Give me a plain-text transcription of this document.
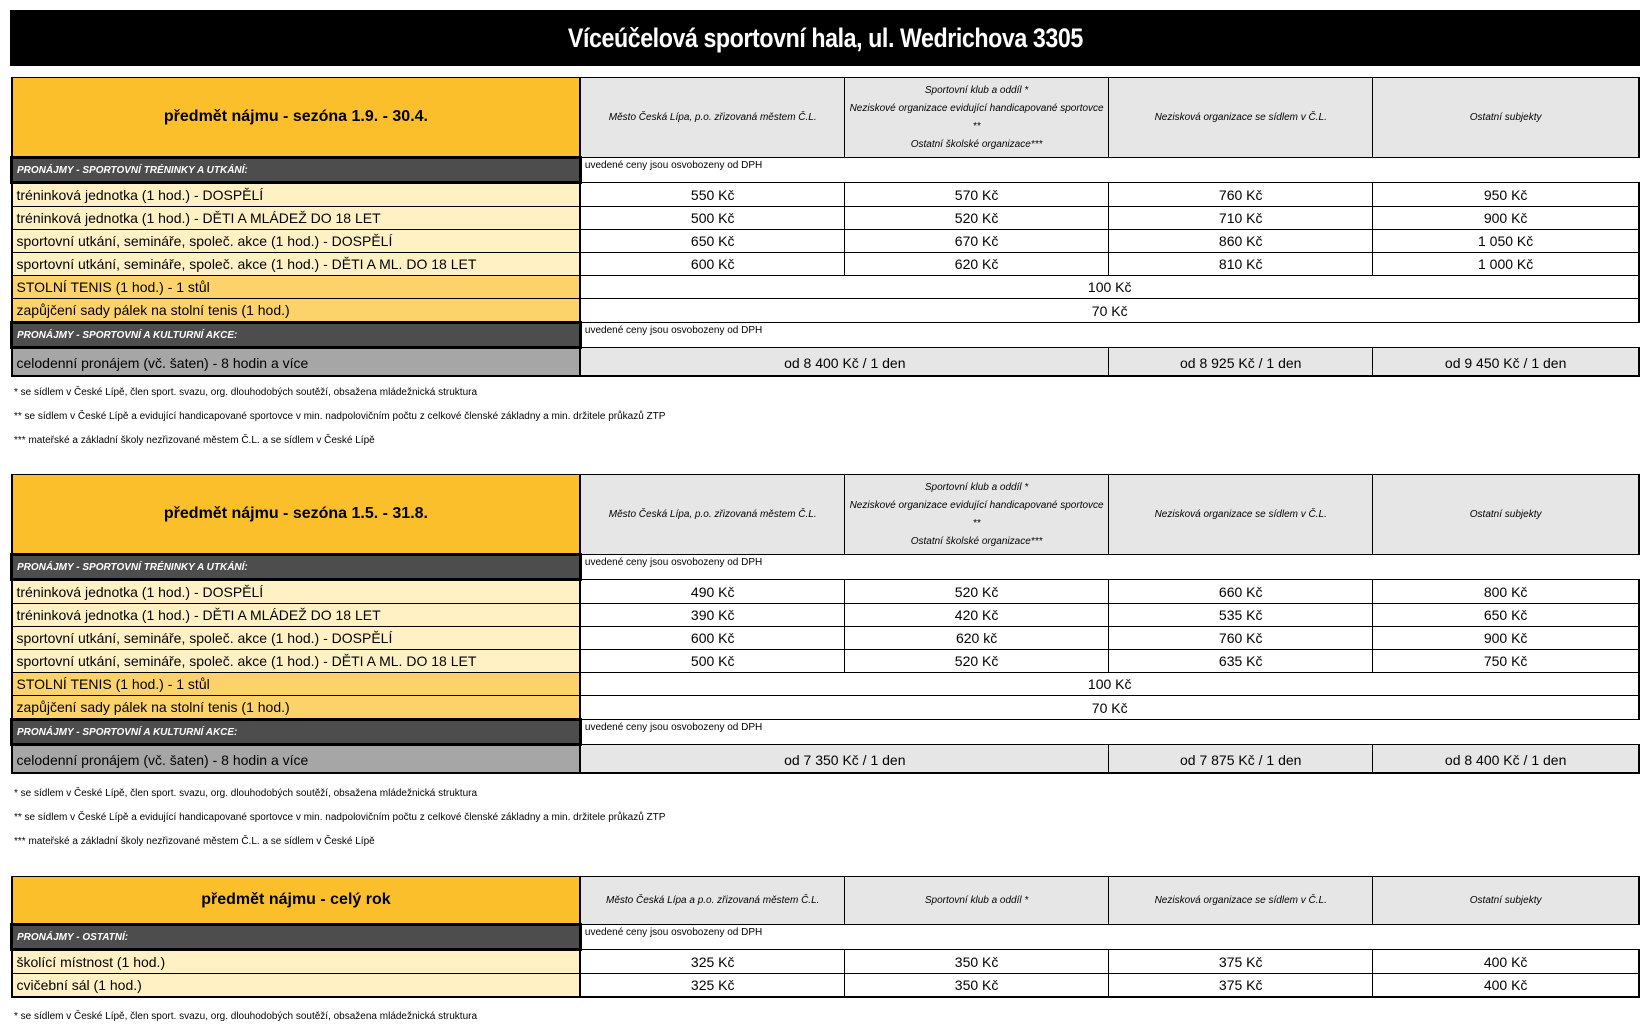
Víceúčelová sportovní hala, ul. Wedrichova 3305
předmět nájmu - sezóna 1.9. - 30.4.	Město Česká Lípa, p.o. zřizovaná městem Č.L.	Sportovní klub a oddíl *
Neziskové organizace evidující handicapované sportovce **
Ostatní školské organizace***	Nezisková organizace se sídlem v Č.L.	Ostatní subjekty
PRONÁJMY - SPORTOVNÍ TRÉNINKY A UTKÁNÍ:	uvedené ceny jsou osvobozeny od DPH			
tréninková jednotka (1 hod.) - DOSPĚLÍ	550 Kč	570 Kč	760 Kč	950 Kč
tréninková jednotka (1 hod.) - DĚTI A MLÁDEŽ DO 18 LET	500 Kč	520 Kč	710 Kč	900 Kč
sportovní utkání, semináře, společ. akce (1 hod.) - DOSPĚLÍ	650 Kč	670 Kč	860 Kč	1 050 Kč
sportovní utkání, semináře, společ. akce (1 hod.) - DĚTI A ML. DO 18 LET	600 Kč	620 Kč	810 Kč	1 000 Kč
STOLNÍ TENIS (1 hod.) - 1 stůl	100 Kč			
zapůjčení sady pálek na stolní tenis (1 hod.)	70 Kč			
PRONÁJMY - SPORTOVNÍ A KULTURNÍ AKCE:	uvedené ceny jsou osvobozeny od DPH			
celodenní pronájem (vč. šaten) - 8 hodin a více	od 8 400 Kč / 1 den		od 8 925 Kč / 1 den	od 9 450 Kč / 1 den
* se sídlem v České Lípě, člen sport. svazu, org. dlouhodobých soutěží, obsažena mládežnická struktura
** se sídlem v České Lípě a evidující handicapované sportovce v min. nadpolovičním počtu z celkové členské základny a min. držitele průkazů ZTP
*** mateřské a základní školy nezřizované městem Č.L. a se sídlem v České Lípě
předmět nájmu - sezóna 1.5. - 31.8.	Město Česká Lípa, p.o. zřizovaná městem Č.L.	Sportovní klub a oddíl *
Neziskové organizace evidující handicapované sportovce **
Ostatní školské organizace***	Nezisková organizace se sídlem v Č.L.	Ostatní subjekty
PRONÁJMY - SPORTOVNÍ TRÉNINKY A UTKÁNÍ:	uvedené ceny jsou osvobozeny od DPH			
tréninková jednotka (1 hod.) - DOSPĚLÍ	490 Kč	520 Kč	660 Kč	800 Kč
tréninková jednotka (1 hod.) - DĚTI A MLÁDEŽ DO 18 LET	390 Kč	420 Kč	535 Kč	650 Kč
sportovní utkání, semináře, společ. akce (1 hod.) - DOSPĚLÍ	600 Kč	620 kč	760 Kč	900 Kč
sportovní utkání, semináře, společ. akce (1 hod.) - DĚTI A ML. DO 18 LET	500 Kč	520 Kč	635 Kč	750 Kč
STOLNÍ TENIS (1 hod.) - 1 stůl	100 Kč			
zapůjčení sady pálek na stolní tenis (1 hod.)	70 Kč			
PRONÁJMY - SPORTOVNÍ A KULTURNÍ AKCE:	uvedené ceny jsou osvobozeny od DPH			
celodenní pronájem (vč. šaten) - 8 hodin a více	od 7 350 Kč / 1 den		od 7 875 Kč / 1 den	od 8 400 Kč / 1 den
* se sídlem v České Lípě, člen sport. svazu, org. dlouhodobých soutěží, obsažena mládežnická struktura
** se sídlem v České Lípě a evidující handicapované sportovce v min. nadpolovičním počtu z celkové členské základny a min. držitele průkazů ZTP
*** mateřské a základní školy nezřizované městem Č.L. a se sídlem v České Lípě
předmět nájmu - celý rok	Město Česká Lípa a p.o. zřizovaná městem Č.L.	Sportovní klub a oddíl *	Nezisková organizace se sídlem v Č.L.	Ostatní subjekty
PRONÁJMY - OSTATNÍ:	uvedené ceny jsou osvobozeny od DPH			
školící místnost (1 hod.)	325 Kč	350 Kč	375 Kč	400 Kč
cvičební sál (1 hod.)	325 Kč	350 Kč	375 Kč	400 Kč
* se sídlem v České Lípě, člen sport. svazu, org. dlouhodobých soutěží, obsažena mládežnická struktura
